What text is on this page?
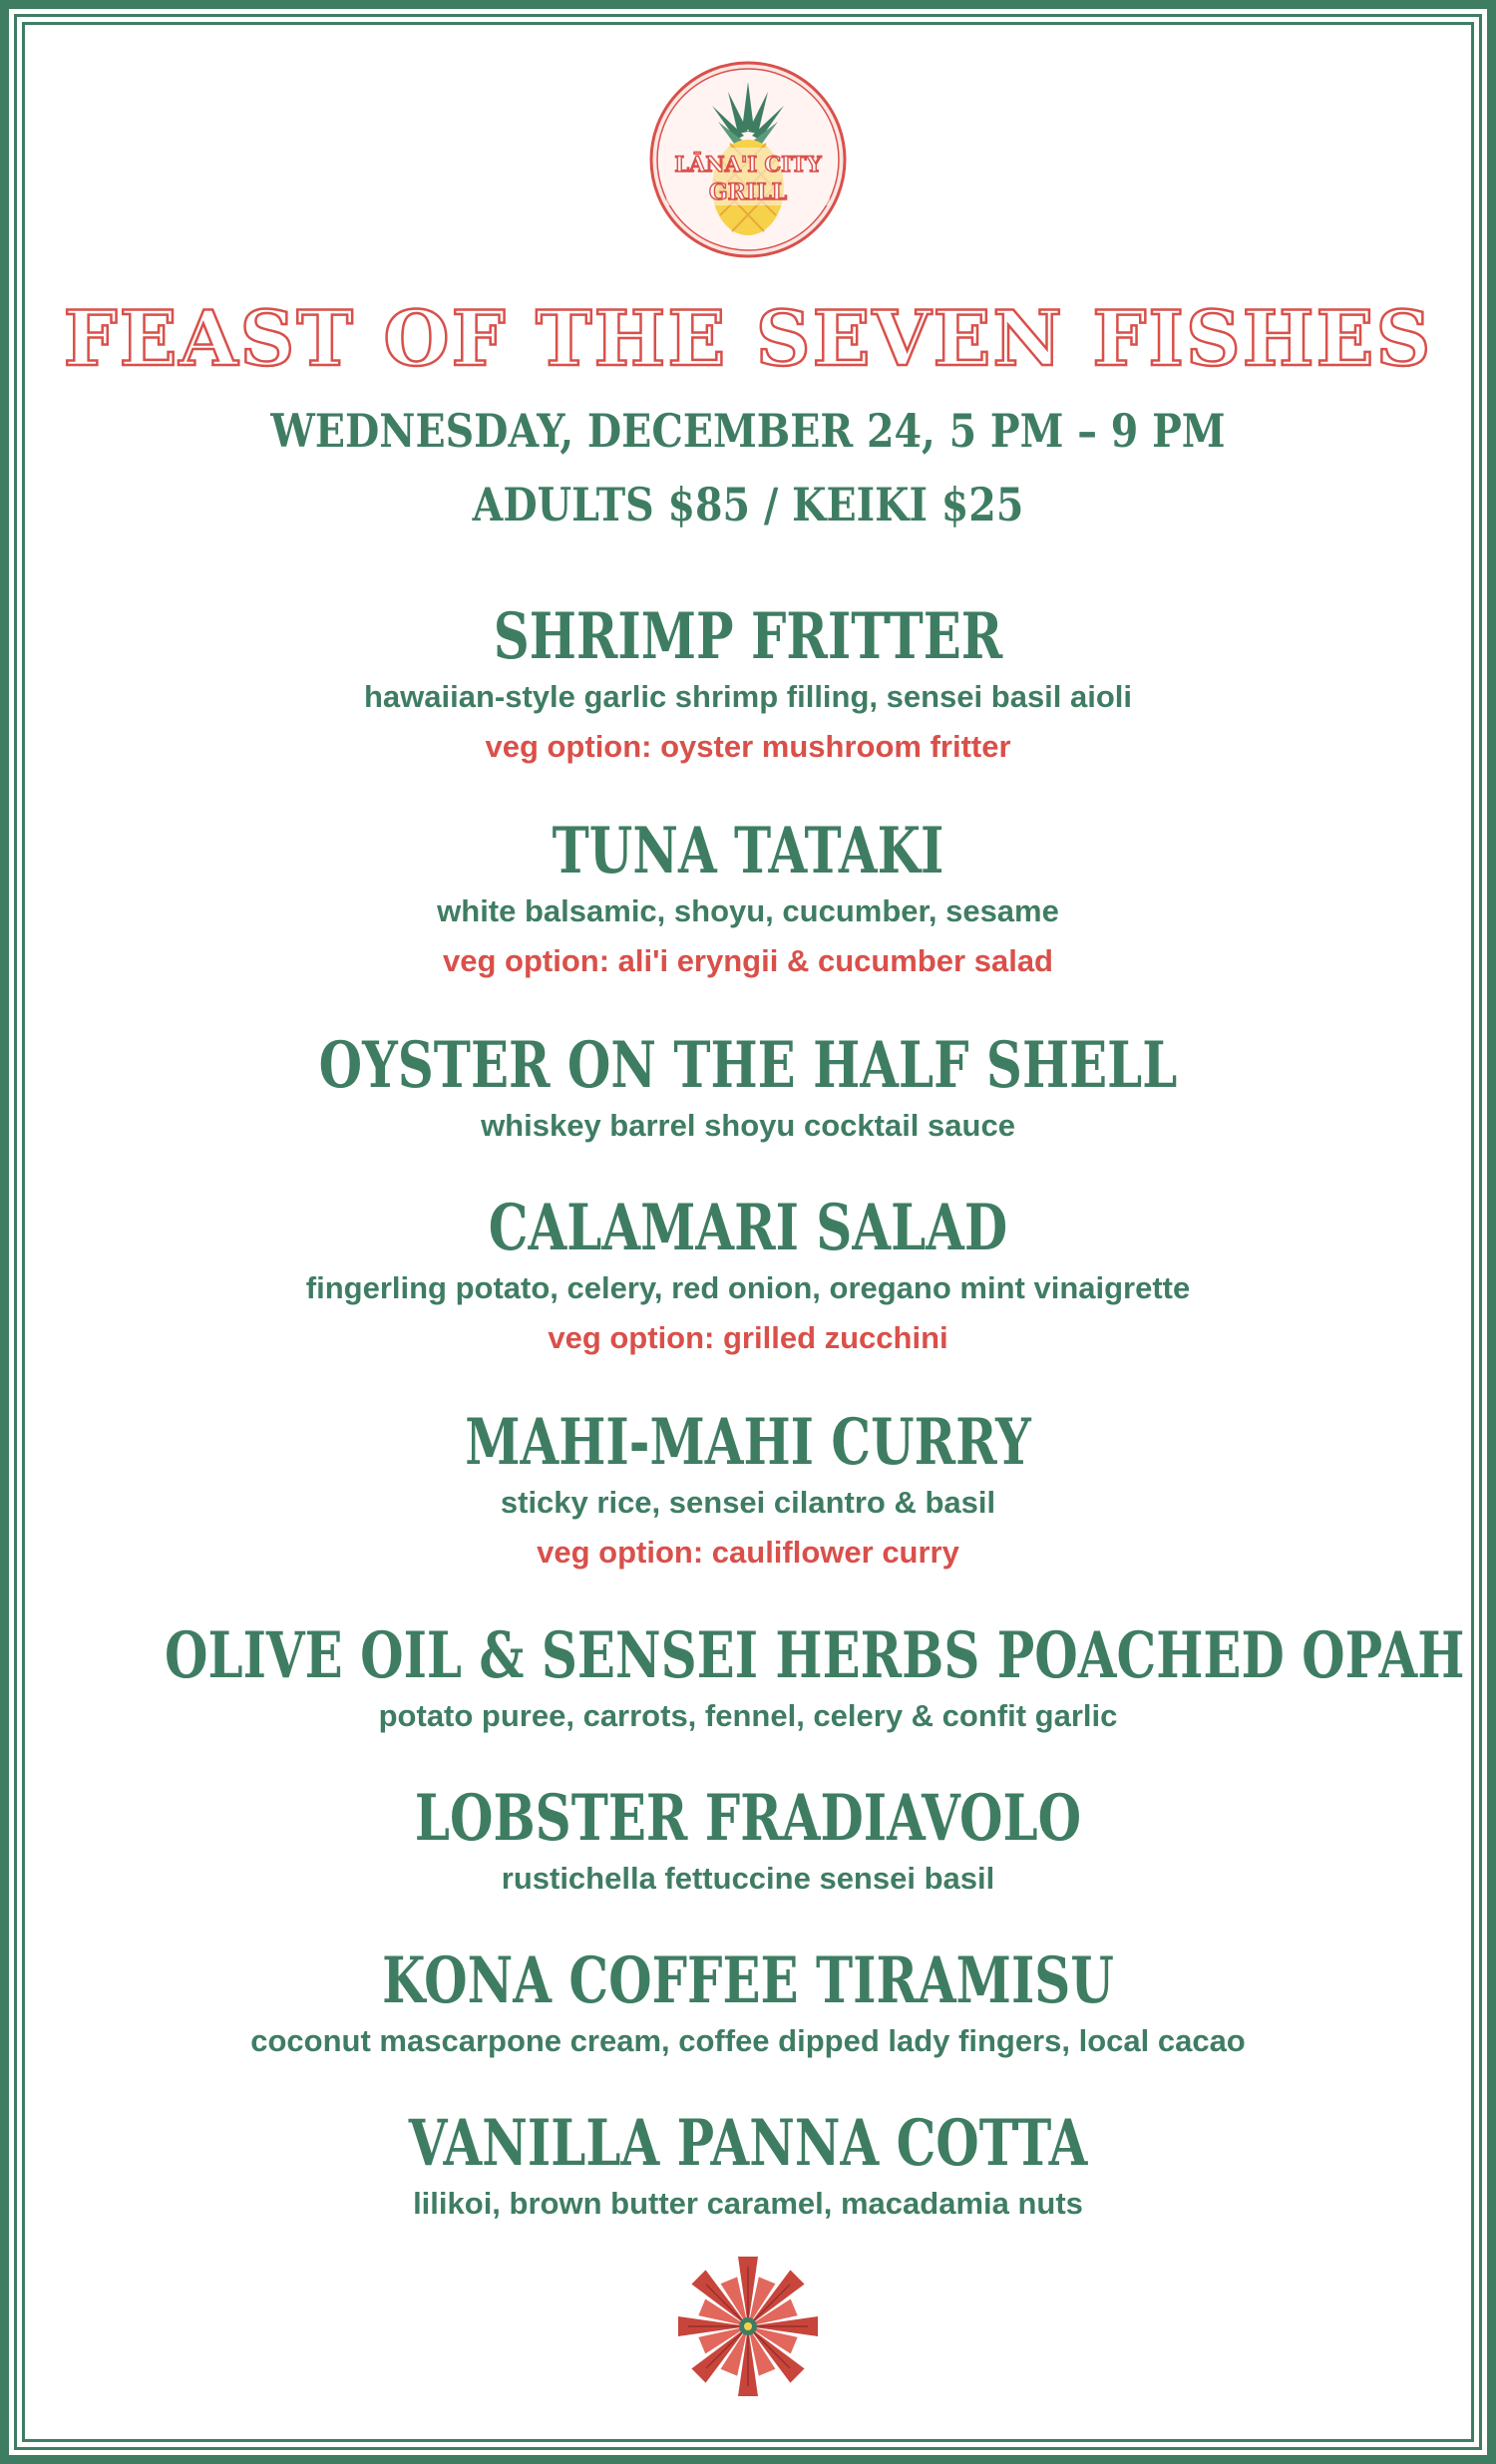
LĀNA'I CITY
GRILL
FEAST OF THE SEVEN FISHES

WEDNESDAY, DECEMBER 24, 5 PM – 9 PM

ADULTS $85 / KEIKI $25

SHRIMP FRITTER

hawaiian-style garlic shrimp filling, sensei basil aioli

veg option: oyster mushroom fritter

TUNA TATAKI

white balsamic, shoyu, cucumber, sesame

veg option: ali'i eryngii & cucumber salad

OYSTER ON THE HALF SHELL

whiskey barrel shoyu cocktail sauce

CALAMARI SALAD

fingerling potato, celery, red onion, oregano mint vinaigrette

veg option: grilled zucchini

MAHI-MAHI CURRY

sticky rice, sensei cilantro & basil

veg option: cauliflower curry

OLIVE OIL & SENSEI HERBS POACHED OPAH

potato puree, carrots, fennel, celery & confit garlic

LOBSTER FRADIAVOLO

rustichella fettuccine sensei basil

KONA COFFEE TIRAMISU

coconut mascarpone cream, coffee dipped lady fingers, local cacao

VANILLA PANNA COTTA

lilikoi, brown butter caramel, macadamia nuts
